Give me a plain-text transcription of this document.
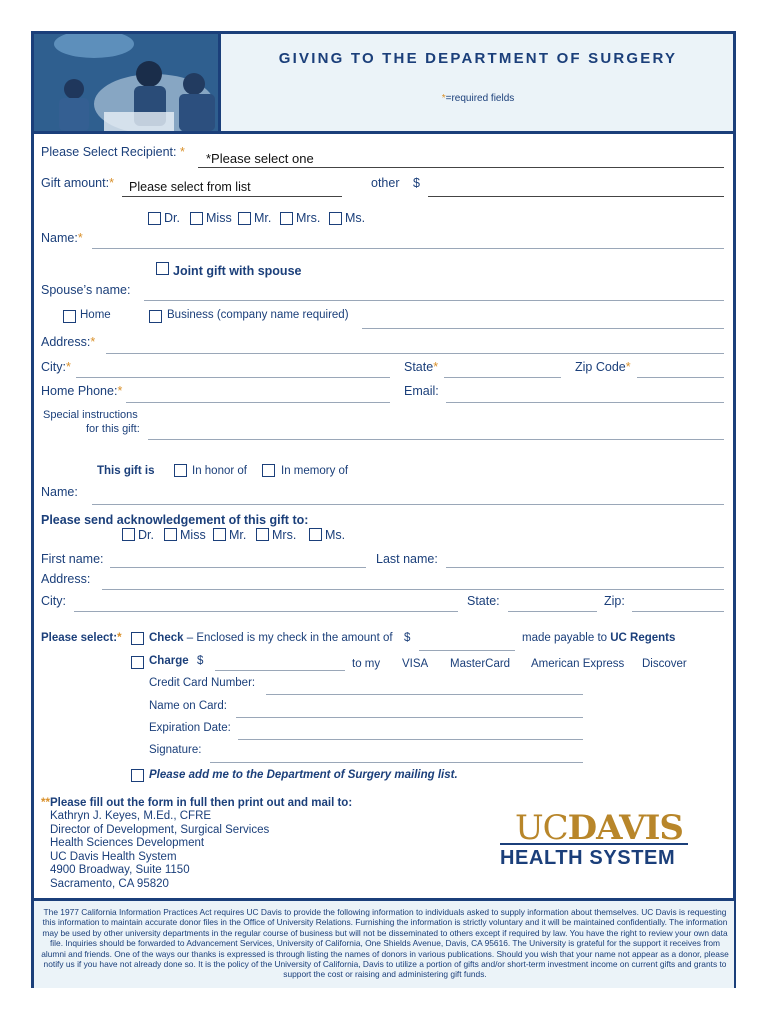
GIVING TO THE DEPARTMENT OF SURGERY
*=required fields
Please Select Recipient: * *Please select one
Gift amount:* Please select from list	other $
Dr. Miss Mr. Mrs. Ms.
Name:*
Joint gift with spouse
Spouse’s name:
Home	Business (company name required)
Address:*
City:*	State*	Zip Code*
Home Phone:*	Email:
Special instructions
for this gift:
This gift is	In honor of	In memory of
Name:
Please send acknowledgement of this gift to:
Dr. Miss Mr. Mrs. Ms.
First name:	Last name:
Address:
City:	State:	Zip:
Please select:* Check – Enclosed is my check in the amount of $	made payable to UC Regents
Charge $	to my VISA MasterCard American Express Discover
Credit Card Number:
Name on Card:
Expiration Date:
Signature:
Please add me to the Department of Surgery mailing list.
**Please fill out the form in full then print out and mail to:
Kathryn J. Keyes, M.Ed., CFRE
Director of Development, Surgical Services
Health Sciences Development
UC Davis Health System
4900 Broadway, Suite 1150
Sacramento, CA 95820
UCDAVIS
HEALTH SYSTEM
The 1977 California Information Practices Act requires UC Davis to provide the following information to individuals asked to supply information about themselves. UC Davis is requesting this information to maintain accurate donor files in the Office of University Relations. Furnishing the information is strictly voluntary and it will be maintained confidentially. The information may be used by other university departments in the regular course of business but will not be disseminated to others except if required by law. You have the right to review your own data file. Inquiries should be forwarded to Advancement Services, University of California, One Shields Avenue, Davis, CA 95616. The University is grateful for the support it receives from alumni and friends. One of the ways our thanks is expressed is through listing the names of donors in various publications. Should you wish that your name not appear as a donor, please notify us if you have not already done so. It is the policy of the University of California, Davis to utilize a portion of gifts and/or short-term investment income on current gifts and grants to support the cost or raising and administering gift funds.
